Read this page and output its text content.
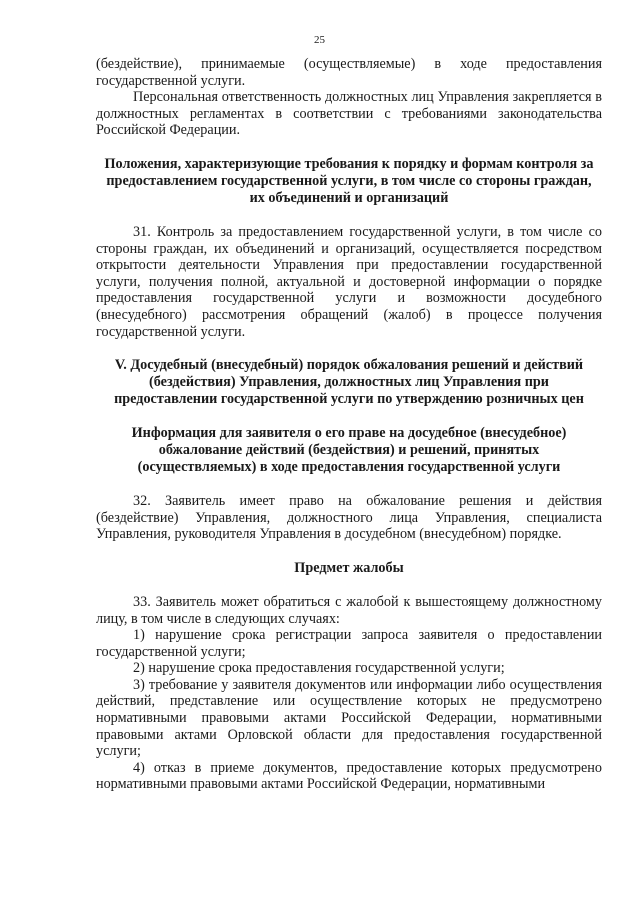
25

(бездействие), принимаемые (осуществляемые) в ходе предоставления государственной услуги.

Персональная ответственность должностных лиц Управления закрепляется в должностных регламентах в соответствии с требованиями законодательства Российской Федерации.

Положения, характеризующие требования к порядку и формам контроля за предоставлением государственной услуги, в том числе со стороны граждан, их объединений и организаций

31. Контроль за предоставлением государственной услуги, в том числе со стороны граждан, их объединений и организаций, осуществляется посредством открытости деятельности Управления при предоставлении государственной услуги, получения полной, актуальной и достоверной информации о порядке предоставления государственной услуги и возможности досудебного (внесудебного) рассмотрения обращений (жалоб) в процессе получения государственной услуги.

V. Досудебный (внесудебный) порядок обжалования решений и действий (бездействия) Управления, должностных лиц Управления при предоставлении государственной услуги по утверждению розничных цен

Информация для заявителя о его праве на досудебное (внесудебное) обжалование действий (бездействия) и решений, принятых (осуществляемых) в ходе предоставления государственной услуги

32. Заявитель имеет право на обжалование решения и действия (бездействие) Управления, должностного лица Управления, специалиста Управления, руководителя Управления в досудебном (внесудебном) порядке.

Предмет жалобы

33. Заявитель может обратиться с жалобой к вышестоящему должностному лицу, в том числе в следующих случаях:

1) нарушение срока регистрации запроса заявителя о предоставлении государственной услуги;

2) нарушение срока предоставления государственной услуги;

3) требование у заявителя документов или информации либо осуществления действий, представление или осуществление которых не предусмотрено нормативными правовыми актами Российской Федерации, нормативными правовыми актами Орловской области для предоставления государственной услуги;

4) отказ в приеме документов, предоставление которых предусмотрено нормативными правовыми актами Российской Федерации, нормативными
